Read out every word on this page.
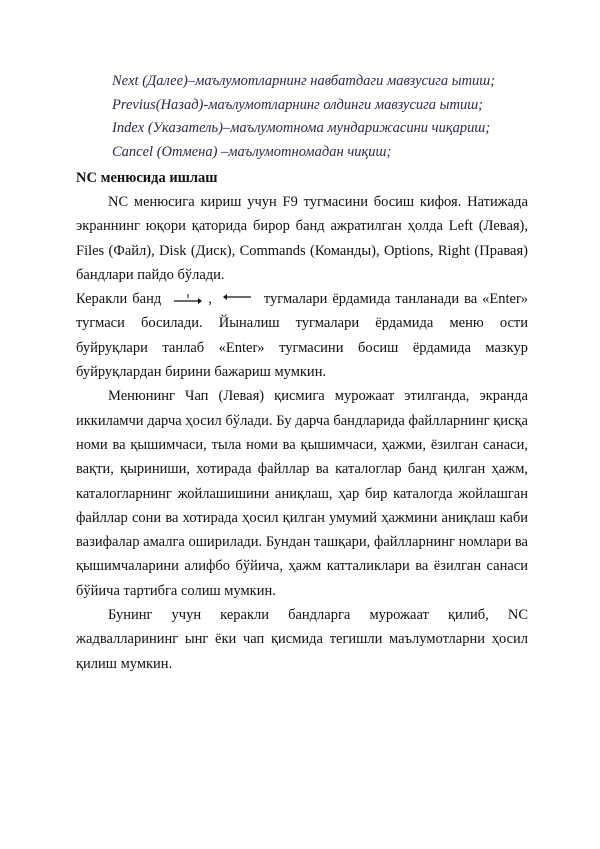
Next (Далее)–маълумотларнинг навбатдаги мавзусига ытиш;
Previus(Назад)-маълумотларнинг олдинги мавзусига ытиш;
Index (Указатель)–маълумотнома мундарижасини чиқариш;
Cancel (Отмена) –маълумотномадан чиқиш;
NC менюсида ишлаш

NC менюсига кириш учун F9 тугмасини босиш кифоя. Натижада экраннинг юқори қаторида бирор банд ажратилган ҳолда Left (Левая), Files (Файл), Disk (Диск), Commands (Команды), Options, Right (Правая) бандлари пайдо бўлади.

Керакли банд	,	тугмалари ёрдамида танланади ва «Enter» тугмаси босилади. Йыналиш тугмалари ёрдамида меню ости буйруқлари танлаб «Enter» тугмасини босиш ёрдамида мазкур буйруқлардан бирини бажариш мумкин.

Менюнинг Чап (Левая) қисмига мурожаат этилганда, экранда иккиламчи дарча ҳосил бўлади. Бу дарча бандларида файлларнинг қисқа номи ва қышимчаси, тыла номи ва қышимчаси, ҳажми, ёзилган санаси, вақти, қыриниши, хотирада файллар ва каталоглар банд қилган ҳажм, каталогларнинг жойлашишини аниқлаш, ҳар бир каталогда жойлашган файллар сони ва хотирада ҳосил қилган умумий ҳажмини аниқлаш каби вазифалар амалга оширилади. Бундан ташқари, файлларнинг номлари ва қышимчаларини алифбо бўйича, ҳажм катталиклари ва ёзилган санаси бўйича тартибга солиш мумкин.

Бунинг учун керакли бандларга мурожаат қилиб, NC жадвалларининг ынг ёки чап қисмида тегишли маълумотларни ҳосил қилиш мумкин.
